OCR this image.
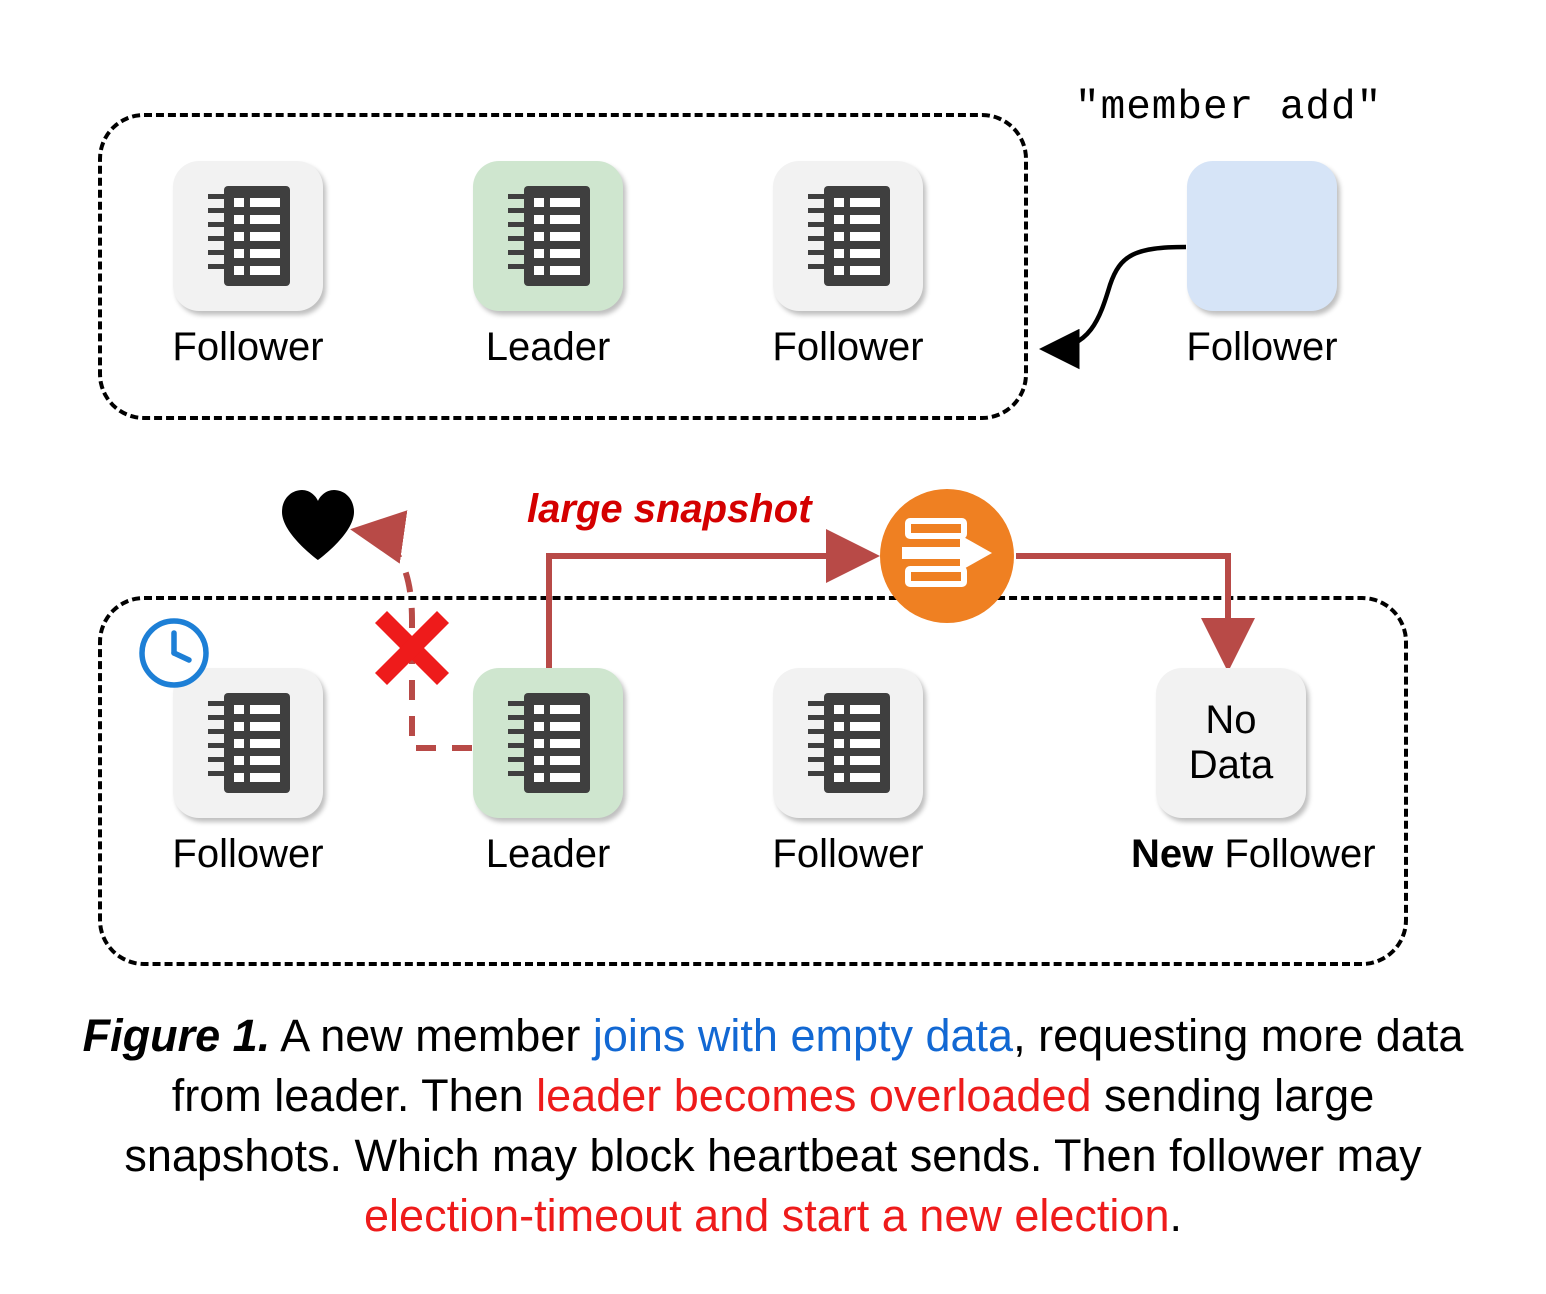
Follower	Leader	Follower	Follower
"member add"
Follower	Leader	Follower
No
Data
New Follower
large snapshot
Figure 1. A new member joins with empty data, requesting more data from leader. Then leader becomes overloaded sending large snapshots. Which may block heartbeat sends. Then follower may election-timeout and start a new election.
